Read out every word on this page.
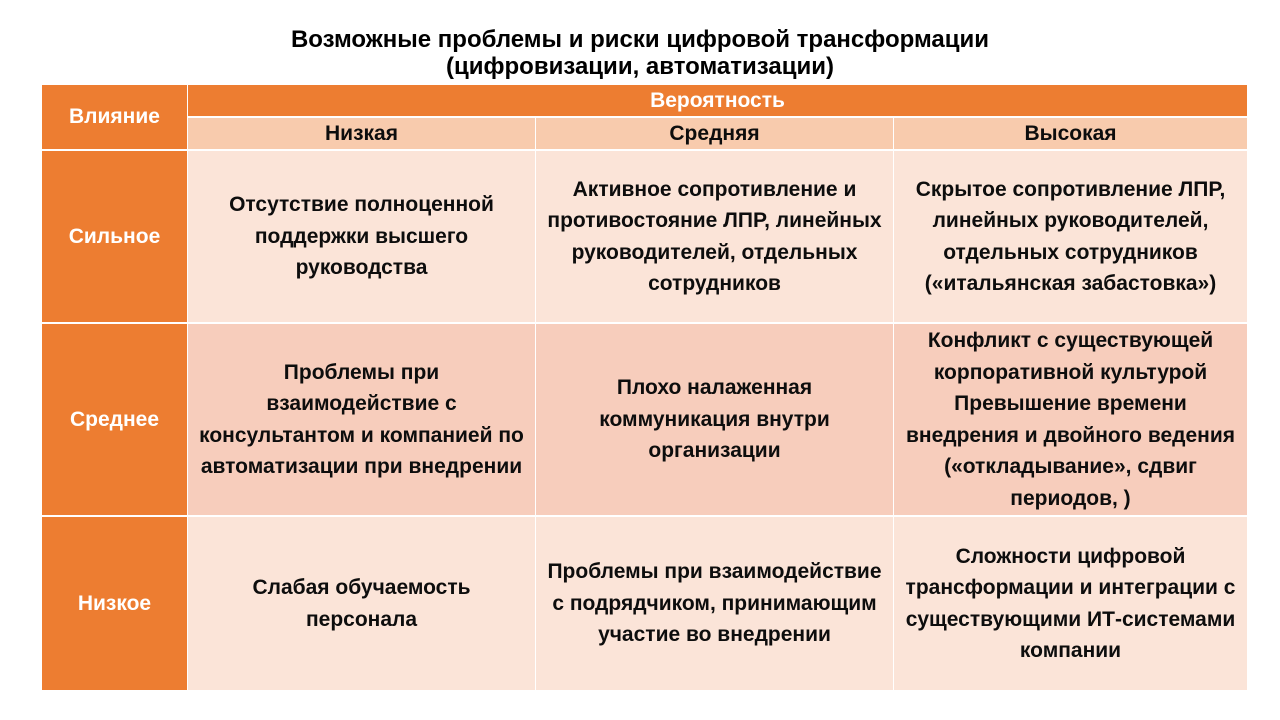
Возможные проблемы и риски цифровой трансформации
(цифровизации, автоматизации)
Влияние
Вероятность
Низкая	Средняя	Высокая
Сильное
Отсутствие полноценной поддержки высшего руководства
Активное сопротивление и противостояние ЛПР, линейных руководителей, отдельных сотрудников
Скрытое сопротивление ЛПР, линейных руководителей, отдельных сотрудников («итальянская забастовка»)
Среднее
Проблемы при взаимодействие с консультантом и компанией по автоматизации при внедрении
Плохо налаженная коммуникация внутри организации
Конфликт с существующей корпоративной культурой Превышение времени внедрения и двойного ведения («откладывание», сдвиг периодов, )
Низкое
Слабая обучаемость персонала
Проблемы при взаимодействие с подрядчиком, принимающим участие во внедрении
Сложности цифровой трансформации и интеграции с существующими ИТ-системами компании
